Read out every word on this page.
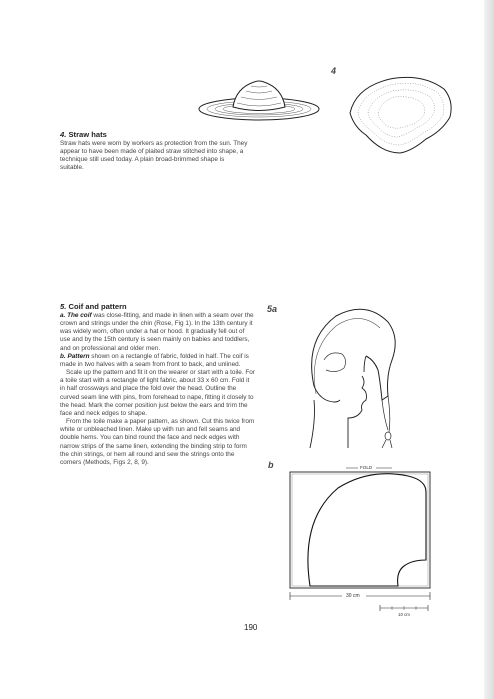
4
4. Straw hats
Straw hats were worn by workers as protection from the sun. They appear to have been made of plaited straw stitched into shape, a technique still used today. A plain broad-brimmed shape is suitable.
5. Coif and pattern

a. The coif was close-fitting, and made in linen with a seam over the crown and strings under the chin (Rose, Fig 1). In the 13th century it was widely worn, often under a hat or hood. It gradually fell out of use and by the 15th century is seen mainly on babies and toddlers, and on professional and older men.

b. Pattern shown on a rectangle of fabric, folded in half. The coif is made in two halves with a seam from front to back, and unlined.

Scale up the pattern and fit it on the wearer or start with a toile. For a toile start with a rectangle of light fabric, about 33 x 60 cm. Fold it in half crossways and place the fold over the head. Outline the curved seam line with pins, from forehead to nape, fitting it closely to the head. Mark the corner position just below the ears and trim the face and neck edges to shape.

From the toile make a paper pattern, as shown. Cut this twice from white or unbleached linen. Make up with run and fell seams and double hems. You can bind round the face and neck edges with narrow strips of the same linen, extending the binding strip to form the chin strings, or hem all round and sew the strings onto the corners (Methods, Figs 2, 8, 9).

5a
b	FOLD
30 cm
10 cm
190
